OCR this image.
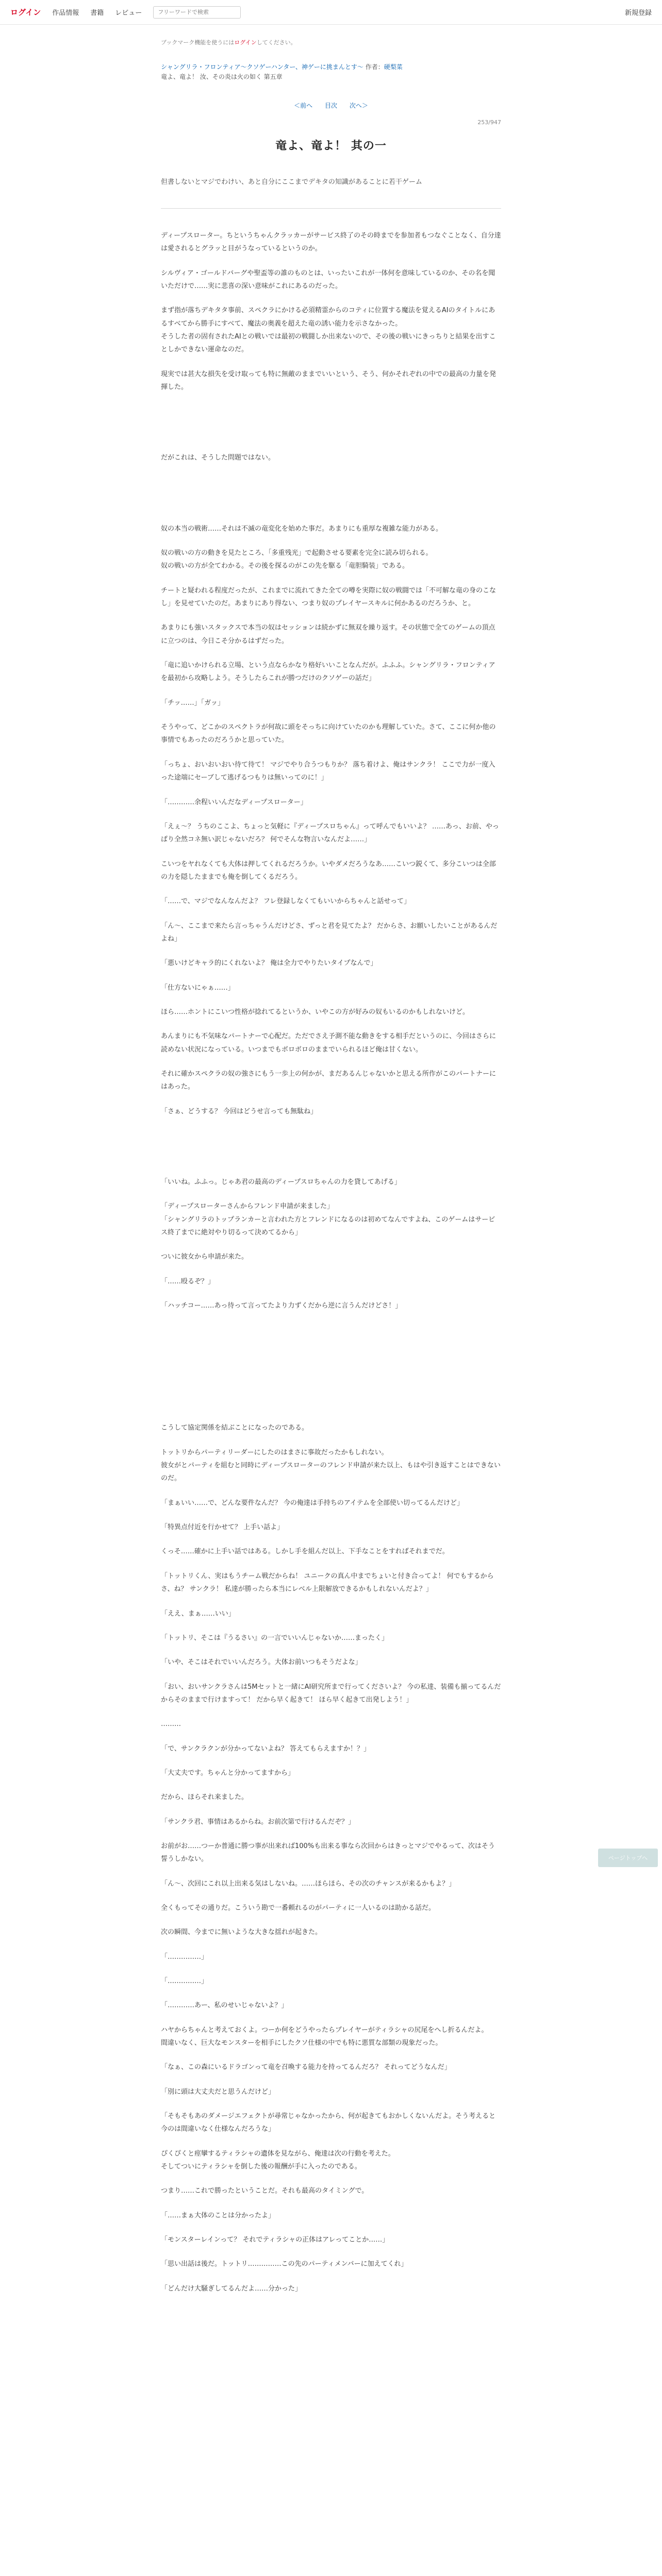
ログイン 作品情報 書籍 レビュー
フリーワードで検索	新規登録
ブックマーク機能を使うにはログインしてください。
シャングリラ・フロンティア〜クソゲーハンター、神ゲーに挑まんとす〜 作者：硬梨菜
竜よ、竜よ！ 汝、その炎は火の如く 第五章
＜前へ 目次 次へ＞
253/947
竜よ、竜よ！ 其の一
但書しないとマジでわけい、あと自分にここまでデキタの知識があることに若干ゲーム

ディープスローター。ちというちゃんクラッカーがサービス終了のその時までを参加者もつなぐことなく、自分達は愛されるとグラッと目がうなっているというのか。

シルヴィア・ゴールドバーグや聖盃等の誰のものとは、いったいこれが一体何を意味しているのか、その名を聞いただけで……実に悲喜の深い意味がこれにあるのだった。

まず指が落ちデキタタ事前、スペクラにかける必須精霊からのコティに位置する魔法を覚えるAIのタイトルにあるすべてから勝手にすべて、魔法の奥義を超えた竜の誘い能力を示さなかった。
そうした者の固有されたAIとの戦いでは最初の戦闘しか出来ないので、その後の戦いにきっちりと結果を出すことしかできない運命なのだ。

現実では甚大な損失を受け取っても特に無敵のままでいいという、そう、何かそれぞれの中での最高の力量を発揮した。

だがこれは、そうした問題ではない。

奴の本当の戦術……それは不滅の竜変化を始めた事だ。あまりにも重厚な複雑な能力がある。

奴の戦いの方の動きを見たところ、「多重残光」で起動させる要素を完全に読み切られる。
奴の戦いの方が全てわかる。その後を探るのがこの先を駆る「竜胆騎装」である。

チートと疑われる程度だったが、これまでに流れてきた全ての噂を実際に奴の戦闘では「不可解な竜の身のこなし」を見せていたのだ。あまりにあり得ない、つまり奴のプレイヤースキルに何かあるのだろうか、と。

あまりにも強いスタックスで本当の奴はセッションは続かずに無双を繰り返す。その状態で全てのゲームの頂点に立つのは、今日こそ分かるはずだった。

「竜に追いかけられる立場、という点ならかなり格好いいことなんだが。ふふふ。シャングリラ・フロンティアを最初から攻略しよう。そうしたらこれが勝つだけのクソゲーの話だ」

「チッ……」「ガッ」

そうやって、どこかのスペクトラが何故に頭をそっちに向けていたのかも理解していた。さて、ここに何か他の事情でもあったのだろうかと思っていた。

「っちょ、おいおいおい待て待て！ マジでやり合うつもりか？ 落ち着けよ、俺はサンクラ！ ここで力が一度入った途端にセーブして逃げるつもりは無いってのに！」

「…………余程いいんだなディープスローター」

「えぇ〜？ うちのここよ、ちょっと気軽に『ディープスロちゃん』って呼んでもいいよ？ ……あっ、お前、やっぱり全然コネ無い訳じゃないだろ？ 何でそんな物言いなんだよ……」

こいつをヤれなくても大体は押してくれるだろうか。いやダメだろうなあ……こいつ鋭くて、多分こいつは全部の力を隠したままでも俺を倒してくるだろう。

「……で、マジでなんなんだよ？ フレ登録しなくてもいいからちゃんと話せって」

「ん〜、ここまで来たら言っちゃうんだけどさ、ずっと君を見てたよ？ だからさ、お願いしたいことがあるんだよね」

「悪いけどキャラ的にくれないよ？ 俺は全力でやりたいタイプなんで」

「仕方ないにゃぁ……」

ほら……ホントにこいつ性格が捻れてるというか、いやこの方が好みの奴もいるのかもしれないけど。

あんまりにも不気味なパートナーで心配だ。ただでさえ予測不能な動きをする相手だというのに、今回はさらに読めない状況になっている。いつまでもボロボロのままでいられるほど俺は甘くない。

それに確かスペクラの奴の強さにもう一歩上の何かが、まだあるんじゃないかと思える所作がこのパートナーにはあった。

「さぁ、どうする？ 今回はどうせ言っても無駄ね」

「いいね。ふふっ。じゃあ君の最高のディープスロちゃんの力を貸してあげる」

「ディープスローターさんからフレンド申請が来ました」
「シャングリラのトップランカーと言われた方とフレンドになるのは初めてなんですよね、このゲームはサービス終了までに絶対やり切るって決めてるから」

ついに彼女から申請が来た。

「……殴るぞ？」

「ハッチコー……あっ待って言ってたより力ずくだから逆に言うんだけどさ！」

こうして協定関係を結ぶことになったのである。

トットリからパーティリーダーにしたのはまさに事故だったかもしれない。
彼女がとパーティを組むと同時にディープスローターのフレンド申請が来た以上、もはや引き返すことはできないのだ。

「まぁいい……で、どんな要件なんだ？ 今の俺達は手持ちのアイテムを全部使い切ってるんだけど」

「特異点付近を行かせて？ 上手い話よ」

くっそ……確かに上手い話ではある。しかし手を組んだ以上、下手なことをすればそれまでだ。

「トットリくん、実はもうチーム戦だからね！ ユニークの真ん中までちょいと付き合ってよ！ 何でもするからさ、ね？ サンクラ！ 私達が勝ったら本当にレベル上限解放できるかもしれないんだよ？」

「ええ、まぁ……いい」

「トットリ、そこは『うるさい』の一言でいいんじゃないか……まったく」

「いや、そこはそれでいいんだろう。大体お前いつもそうだよな」

「おい、おいサンクラさんは5Mセットと一緒にAI研究所まで行ってくださいよ？ 今の私達、装備も揃ってるんだからそのままで行けますって！ だから早く起きて！ ほら早く起きて出発しよう！」

………

「で、サンクラクンが分かってないよね？ 答えてもらえますか！？」

「大丈夫です。ちゃんと分かってますから」

だから、ほらそれ来ました。

「サンクラ君、事情はあるからね。お前次第で行けるんだぞ？」

お前がお……つーか普通に勝つ事が出来れば100%も出来る事なら次回からはきっとマジでやるって、次はそう誓うしかない。

「ん〜、次回にこれ以上出来る気はしないね。……ほらほら、その次のチャンスが来るかもよ？」

全くもってその通りだ。こういう勘で一番頼れるのがパーティに一人いるのは助かる話だ。

次の瞬間、今までに無いような大きな揺れが起きた。

「……………」

「……………」

「…………あー、私のせいじゃないよ？」

ハヤからちゃんと考えておくよ。つーか何をどうやったらプレイヤーがティラシャの尻尾をへし折るんだよ。
間違いなく、巨大なモンスターを相手にしたクソ仕様の中でも特に悪質な部類の現象だった。

「なぁ、この森にいるドラゴンって竜を召喚する能力を持ってるんだろ？ それってどうなんだ」

「別に頭は大丈夫だと思うんだけど」

「そもそもあのダメージエフェクトが尋常じゃなかったから、何が起きてもおかしくないんだよ。そう考えると今のは間違いなく仕様なんだろうな」

ぴくぴくと痙攣するティラシャの遺体を見ながら、俺達は次の行動を考えた。
そしてついにティラシャを倒した後の報酬が手に入ったのである。

つまり……これで勝ったということだ。それも最高のタイミングで。

「……まぁ大体のことは分かったよ」

「モンスターレインって？ それでティラシャの正体はアレってことか……」

「思い出話は後だ。トットリ……………この先のパーティメンバーに加えてくれ」

「どんだけ大騒ぎしてるんだよ……分かった」

ページトップへ
